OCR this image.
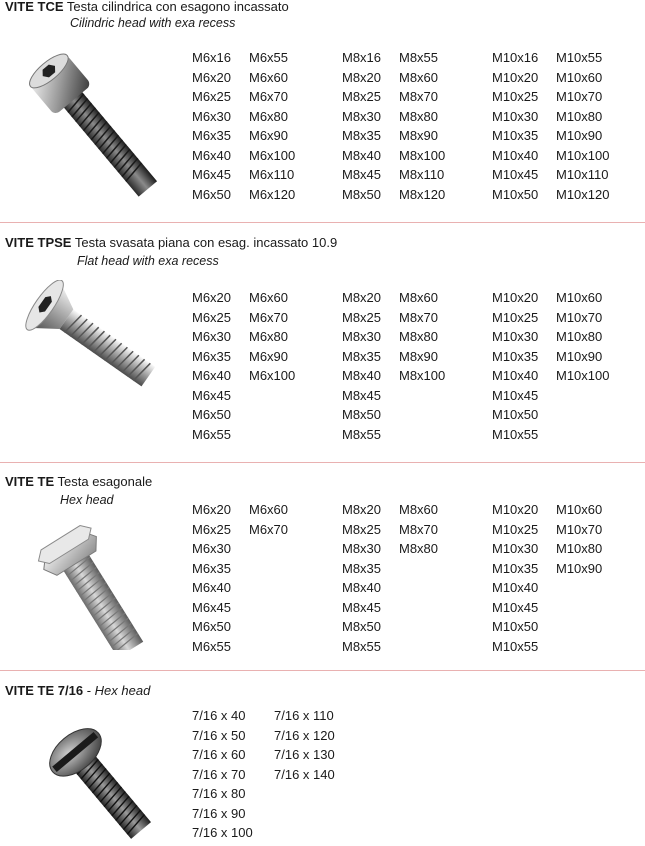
VITE TCE Testa cilindrica con esagono incassato
Cilindric head with exa recess
M6x16
M6x20
M6x25
M6x30
M6x35
M6x40
M6x45
M6x50
M6x55
M6x60
M6x70
M6x80
M6x90
M6x100
M6x110
M6x120
M8x16
M8x20
M8x25
M8x30
M8x35
M8x40
M8x45
M8x50
M8x55
M8x60
M8x70
M8x80
M8x90
M8x100
M8x110
M8x120
M10x16
M10x20
M10x25
M10x30
M10x35
M10x40
M10x45
M10x50
M10x55
M10x60
M10x70
M10x80
M10x90
M10x100
M10x110
M10x120
VITE TPSE Testa svasata piana con esag. incassato 10.9
Flat head with exa recess
M6x20
M6x25
M6x30
M6x35
M6x40
M6x45
M6x50
M6x55
M6x60
M6x70
M6x80
M6x90
M6x100
M8x20
M8x25
M8x30
M8x35
M8x40
M8x45
M8x50
M8x55
M8x60
M8x70
M8x80
M8x90
M8x100
M10x20
M10x25
M10x30
M10x35
M10x40
M10x45
M10x50
M10x55
M10x60
M10x70
M10x80
M10x90
M10x100
VITE TE Testa esagonale
Hex head
M6x20
M6x25
M6x30
M6x35
M6x40
M6x45
M6x50
M6x55
M6x60
M6x70
M8x20
M8x25
M8x30
M8x35
M8x40
M8x45
M8x50
M8x55
M8x60
M8x70
M8x80
M10x20
M10x25
M10x30
M10x35
M10x40
M10x45
M10x50
M10x55
M10x60
M10x70
M10x80
M10x90
VITE TE 7/16 - Hex head
7/16 x 40
7/16 x 50
7/16 x 60
7/16 x 70
7/16 x 80
7/16 x 90
7/16 x 100
7/16 x 110
7/16 x 120
7/16 x 130
7/16 x 140
